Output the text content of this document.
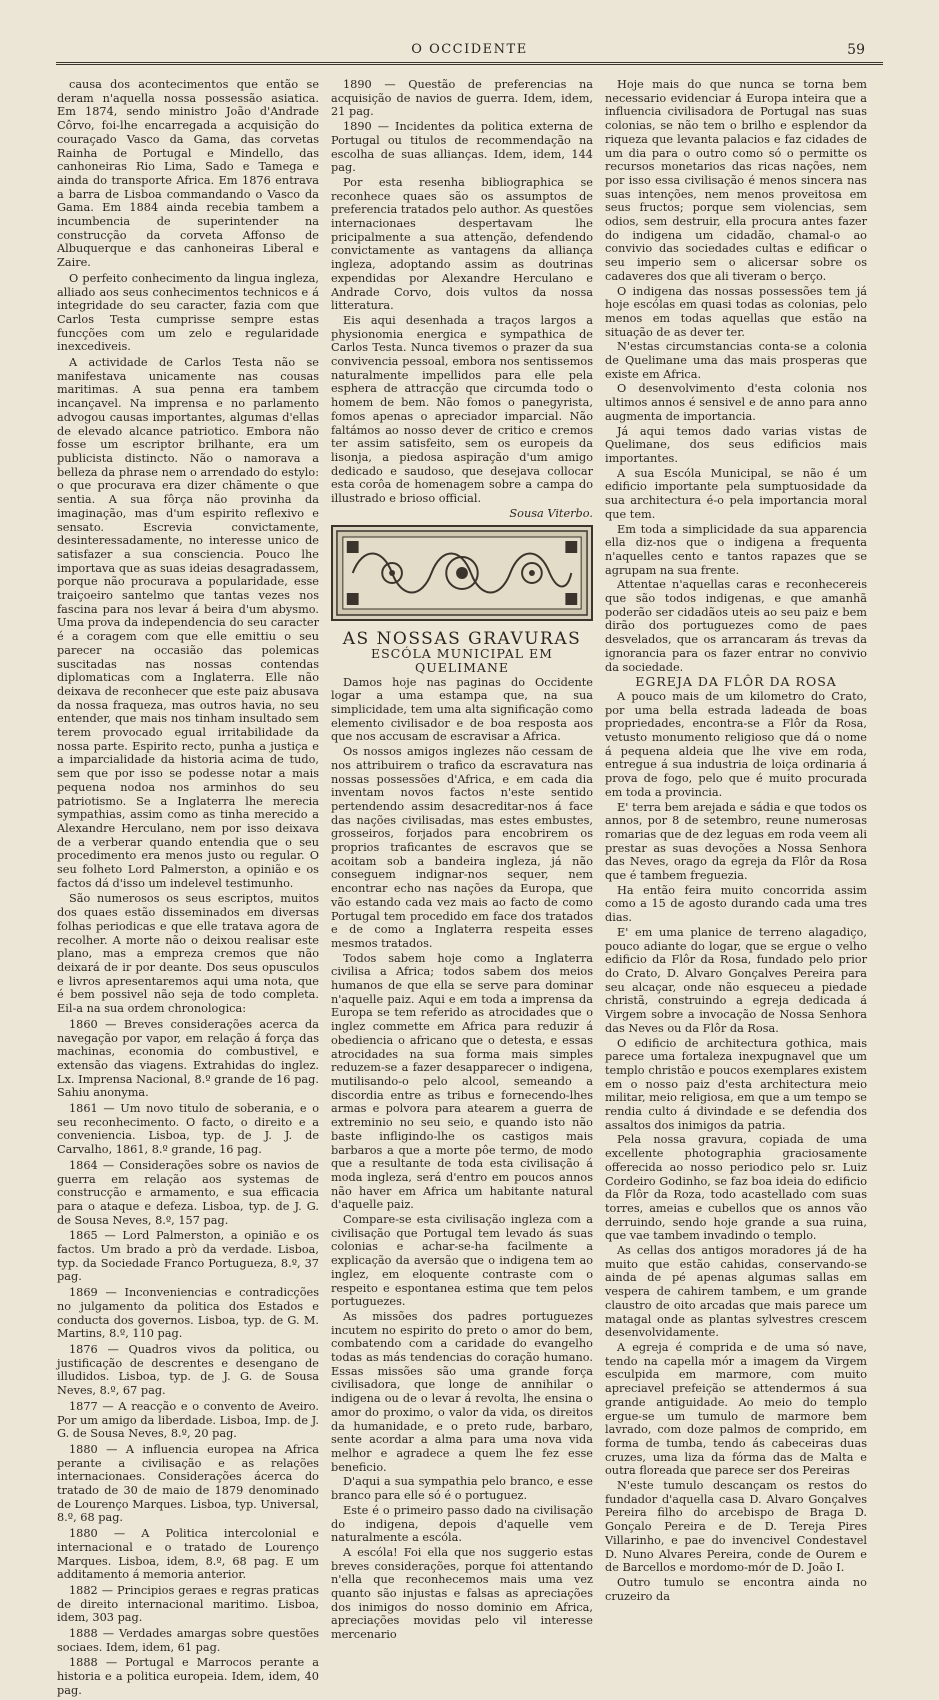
O OCCIDENTE	59

causa dos acontecimentos que então se deram n'aquella nossa possessão asiatica. Em 1874, sendo ministro João d'Andrade Côrvo, foi-lhe encarregada a acquisição do couraçado Vasco da Gama, das corvetas Rainha de Portugal e Mindello, das canhoneiras Rio Lima, Sado e Tamega e ainda do transporte Africa. Em 1876 entrava a barra de Lisboa commandando o Vasco da Gama. Em 1884 ainda recebia tambem a incumbencia de superintender na construcção da corveta Affonso de Albuquerque e das canhoneiras Liberal e Zaire.

O perfeito conhecimento da lingua ingleza, alliado aos seus conhecimentos technicos e á integridade do seu caracter, fazia com que Carlos Testa cumprisse sempre estas funcções com um zelo e regularidade inexcediveis.

A actividade de Carlos Testa não se manifestava unicamente nas cousas maritimas. A sua penna era tambem incançavel. Na imprensa e no parlamento advogou causas importantes, algumas d'ellas de elevado alcance patriotico. Embora não fosse um escriptor brilhante, era um publicista distincto. Não o namorava a belleza da phrase nem o arrendado do estylo: o que procurava era dizer chãmente o que sentia. A sua fôrça não provinha da imaginação, mas d'um espirito reflexivo e sensato. Escrevia convictamente, desinteressadamente, no interesse unico de satisfazer a sua consciencia. Pouco lhe importava que as suas ideias desagradassem, porque não procurava a popularidade, esse traiçoeiro santelmo que tantas vezes nos fascina para nos levar á beira d'um abysmo. Uma prova da independencia do seu caracter é a coragem com que elle emittiu o seu parecer na occasião das polemicas suscitadas nas nossas contendas diplomaticas com a Inglaterra. Elle não deixava de reconhecer que este paiz abusava da nossa fraqueza, mas outros havia, no seu entender, que mais nos tinham insultado sem terem provocado egual irritabilidade da nossa parte. Espirito recto, punha a justiça e a imparcialidade da historia acima de tudo, sem que por isso se podesse notar a mais pequena nodoa nos arminhos do seu patriotismo. Se a Inglaterra lhe merecia sympathias, assim como as tinha merecido a Alexandre Herculano, nem por isso deixava de a verberar quando entendia que o seu procedimento era menos justo ou regular. O seu folheto Lord Palmerston, a opinião e os factos dá d'isso um indelevel testimunho.

São numerosos os seus escriptos, muitos dos quaes estão disseminados em diversas folhas periodicas e que elle tratava agora de recolher. A morte não o deixou realisar este plano, mas a empreza cremos que não deixará de ir por deante. Dos seus opusculos e livros apresentaremos aqui uma nota, que é bem possivel não seja de todo completa. Eil-a na sua ordem chronologica:

1860 — Breves considerações acerca da navegação por vapor, em relação á força das machinas, economia do combustivel, e extensão das viagens. Extrahidas do inglez. Lx. Imprensa Nacional, 8.º grande de 16 pag. Sahiu anonyma.

1861 — Um novo titulo de soberania, e o seu reconhecimento. O facto, o direito e a conveniencia. Lisboa, typ. de J. J. de Carvalho, 1861, 8.º grande, 16 pag.

1864 — Considerações sobre os navios de guerra em relação aos systemas de construcção e armamento, e sua efficacia para o ataque e defeza. Lisboa, typ. de J. G. de Sousa Neves, 8.º, 157 pag.

1865 — Lord Palmerston, a opinião e os factos. Um brado a prò da verdade. Lisboa, typ. da Sociedade Franco Portugueza, 8.º, 37 pag.

1869 — Inconveniencias e contradicções no julgamento da politica dos Estados e conducta dos governos. Lisboa, typ. de G. M. Martins, 8.º, 110 pag.

1876 — Quadros vivos da politica, ou justificação de descrentes e desengano de illudidos. Lisboa, typ. de J. G. de Sousa Neves, 8.º, 67 pag.

1877 — A reacção e o convento de Aveiro. Por um amigo da liberdade. Lisboa, Imp. de J. G. de Sousa Neves, 8.º, 20 pag.

1880 — A influencia europea na Africa perante a civilisação e as relações internacionaes. Considerações ácerca do tratado de 30 de maio de 1879 denominado de Lourenço Marques. Lisboa, typ. Universal, 8.º, 68 pag.

1880 — A Politica intercolonial e internacional e o tratado de Lourenço Marques. Lisboa, idem, 8.º, 68 pag. E um additamento á memoria anterior.

1882 — Principios geraes e regras praticas de direito internacional maritimo. Lisboa, idem, 303 pag.

1888 — Verdades amargas sobre questões sociaes. Idem, idem, 61 pag.

1888 — Portugal e Marrocos perante a historia e a politica europeia. Idem, idem, 40 pag.

1890 — Questão de preferencias na acquisição de navios de guerra. Idem, idem, 21 pag.

1890 — Incidentes da politica externa de Portugal ou titulos de recommendação na escolha de suas allianças. Idem, idem, 144 pag.

Por esta resenha bibliographica se reconhece quaes são os assumptos de preferencia tratados pelo author. As questões internacionaes despertavam lhe pricipalmente a sua attenção, defendendo convictamente as vantagens da alliança ingleza, adoptando assim as doutrinas expendidas por Alexandre Herculano e Andrade Corvo, dois vultos da nossa litteratura.

Eis aqui desenhada a traços largos a physionomia energica e sympathica de Carlos Testa. Nunca tivemos o prazer da sua convivencia pessoal, embora nos sentissemos naturalmente impellidos para elle pela esphera de attracção que circumda todo o homem de bem. Não fomos o panegyrista, fomos apenas o apreciador imparcial. Não faltámos ao nosso dever de critico e cremos ter assim satisfeito, sem os europeis da lisonja, a piedosa aspiração d'um amigo dedicado e saudoso, que desejava collocar esta corôa de homenagem sobre a campa do illustrado e brioso official.

Sousa Viterbo.

AS NOSSAS GRAVURAS

ESCÓLA MUNICIPAL EM QUELIMANE

Damos hoje nas paginas do Occidente logar a uma estampa que, na sua simplicidade, tem uma alta significação como elemento civilisador e de boa resposta aos que nos accusam de escravisar a Africa.

Os nossos amigos inglezes não cessam de nos attribuirem o trafico da escravatura nas nossas possessões d'Africa, e em cada dia inventam novos factos n'este sentido pertendendo assim desacreditar-nos á face das nações civilisadas, mas estes embustes, grosseiros, forjados para encobrirem os proprios traficantes de escravos que se acoitam sob a bandeira ingleza, já não conseguem indignar-nos sequer, nem encontrar echo nas nações da Europa, que vão estando cada vez mais ao facto de como Portugal tem procedido em face dos tratados e de como a Inglaterra respeita esses mesmos tratados.

Todos sabem hoje como a Inglaterra civilisa a Africa; todos sabem dos meios humanos de que ella se serve para dominar n'aquelle paiz. Aqui e em toda a imprensa da Europa se tem referido as atrocidades que o inglez commette em Africa para reduzir á obediencia o africano que o detesta, e essas atrocidades na sua forma mais simples reduzem-se a fazer desapparecer o indigena, mutilisando-o pelo alcool, semeando a discordia entre as tribus e fornecendo-lhes armas e polvora para atearem a guerra de extreminio no seu seio, e quando isto não baste infligindo-lhe os castigos mais barbaros a que a morte pôe termo, de modo que a resultante de toda esta civilisação á moda ingleza, será d'entro em poucos annos não haver em Africa um habitante natural d'aquelle paiz.

Compare-se esta civilisação ingleza com a civilisação que Portugal tem levado ás suas colonias e achar-se-ha facilmente a explicação da aversão que o indigena tem ao inglez, em eloquente contraste com o respeito e espontanea estima que tem pelos portuguezes.

As missões dos padres portuguezes incutem no espirito do preto o amor do bem, combatendo com a caridade do evangelho todas as más tendencias do coração humano. Essas missões são uma grande força civilisadora, que longe de annihilar o indigena ou de o levar á revolta, lhe ensina o amor do proximo, o valor da vida, os direitos da humanidade, e o preto rude, barbaro, sente acordar a alma para uma nova vida melhor e agradece a quem lhe fez esse beneficio.

D'aqui a sua sympathia pelo branco, e esse branco para elle só é o portuguez.

Este é o primeiro passo dado na civilisação do indigena, depois d'aquelle vem naturalmente a escóla.

A escóla! Foi ella que nos suggerio estas breves considerações, porque foi attentando n'ella que reconhecemos mais uma vez quanto são injustas e falsas as apreciações dos inimigos do nosso dominio em Africa, apreciações movidas pelo vil interesse mercenario

Hoje mais do que nunca se torna bem necessario evidenciar á Europa inteira que a influencia civilisadora de Portugal nas suas colonias, se não tem o brilho e esplendor da riqueza que levanta palacios e faz cidades de um dia para o outro como só o permitte os recursos monetarios das ricas nações, nem por isso essa civilisação é menos sincera nas suas intenções, nem menos proveitosa em seus fructos; porque sem violencias, sem odios, sem destruir, ella procura antes fazer do indigena um cidadão, chamal-o ao convivio das sociedades cultas e edificar o seu imperio sem o alicersar sobre os cadaveres dos que ali tiveram o berço.

O indigena das nossas possessões tem já hoje escólas em quasi todas as colonias, pelo menos em todas aquellas que estão na situação de as dever ter.

N'estas circumstancias conta-se a colonia de Quelimane uma das mais prosperas que existe em Africa.

O desenvolvimento d'esta colonia nos ultimos annos é sensivel e de anno para anno augmenta de importancia.

Já aqui temos dado varias vistas de Quelimane, dos seus edificios mais importantes.

A sua Escóla Municipal, se não é um edificio importante pela sumptuosidade da sua architectura é-o pela importancia moral que tem.

Em toda a simplicidade da sua apparencia ella diz-nos que o indigena a frequenta n'aquelles cento e tantos rapazes que se agrupam na sua frente.

Attentae n'aquellas caras e reconhecereis que são todos indigenas, e que amanhã poderão ser cidadãos uteis ao seu paiz e bem dirão dos portuguezes como de paes desvelados, que os arrancaram ás trevas da ignorancia para os fazer entrar no convivio da sociedade.

EGREJA DA FLÔR DA ROSA

A pouco mais de um kilometro do Crato, por uma bella estrada ladeada de boas propriedades, encontra-se a Flôr da Rosa, vetusto monumento religioso que dá o nome á pequena aldeia que lhe vive em roda, entregue á sua industria de loiça ordinaria á prova de fogo, pelo que é muito procurada em toda a provincia.

E' terra bem arejada e sádia e que todos os annos, por 8 de setembro, reune numerosas romarias que de dez leguas em roda veem ali prestar as suas devoções a Nossa Senhora das Neves, orago da egreja da Flôr da Rosa que é tambem freguezia.

Ha então feira muito concorrida assim como a 15 de agosto durando cada uma tres dias.

E' em uma planice de terreno alagadiço, pouco adiante do logar, que se ergue o velho edificio da Flôr da Rosa, fundado pelo prior do Crato, D. Alvaro Gonçalves Pereira para seu alcaçar, onde não esqueceu a piedade christã, construindo a egreja dedicada á Virgem sobre a invocação de Nossa Senhora das Neves ou da Flôr da Rosa.

O edificio de architectura gothica, mais parece uma fortaleza inexpugnavel que um templo christão e poucos exemplares existem em o nosso paiz d'esta architectura meio militar, meio religiosa, em que a um tempo se rendia culto á divindade e se defendia dos assaltos dos inimigos da patria.

Pela nossa gravura, copiada de uma excellente photographia graciosamente offerecida ao nosso periodico pelo sr. Luiz Cordeiro Godinho, se faz boa ideia do edificio da Flôr da Roza, todo acastellado com suas torres, ameias e cubellos que os annos vão derruindo, sendo hoje grande a sua ruina, que vae tambem invadindo o templo.

As cellas dos antigos moradores já de ha muito que estão cahidas, conservando-se ainda de pé apenas algumas sallas em vespera de cahirem tambem, e um grande claustro de oito arcadas que mais parece um matagal onde as plantas sylvestres crescem desenvolvidamente.

A egreja é comprida e de uma só nave, tendo na capella mór a imagem da Virgem esculpida em marmore, com muito apreciavel prefeição se attendermos á sua grande antiguidade. Ao meio do templo ergue-se um tumulo de marmore bem lavrado, com doze palmos de comprido, em forma de tumba, tendo ás cabeceiras duas cruzes, uma liza da fórma das de Malta e outra floreada que parece ser dos Pereiras

N'este tumulo descançam os restos do fundador d'aquella casa D. Alvaro Gonçalves Pereira filho do arcebispo de Braga D. Gonçalo Pereira e de D. Tereja Pires Villarinho, e pae do invencivel Condestavel D. Nuno Alvares Pereira, conde de Ourem e de Barcellos e mordomo-mór de D. João I.

Outro tumulo se encontra ainda no cruzeiro da
